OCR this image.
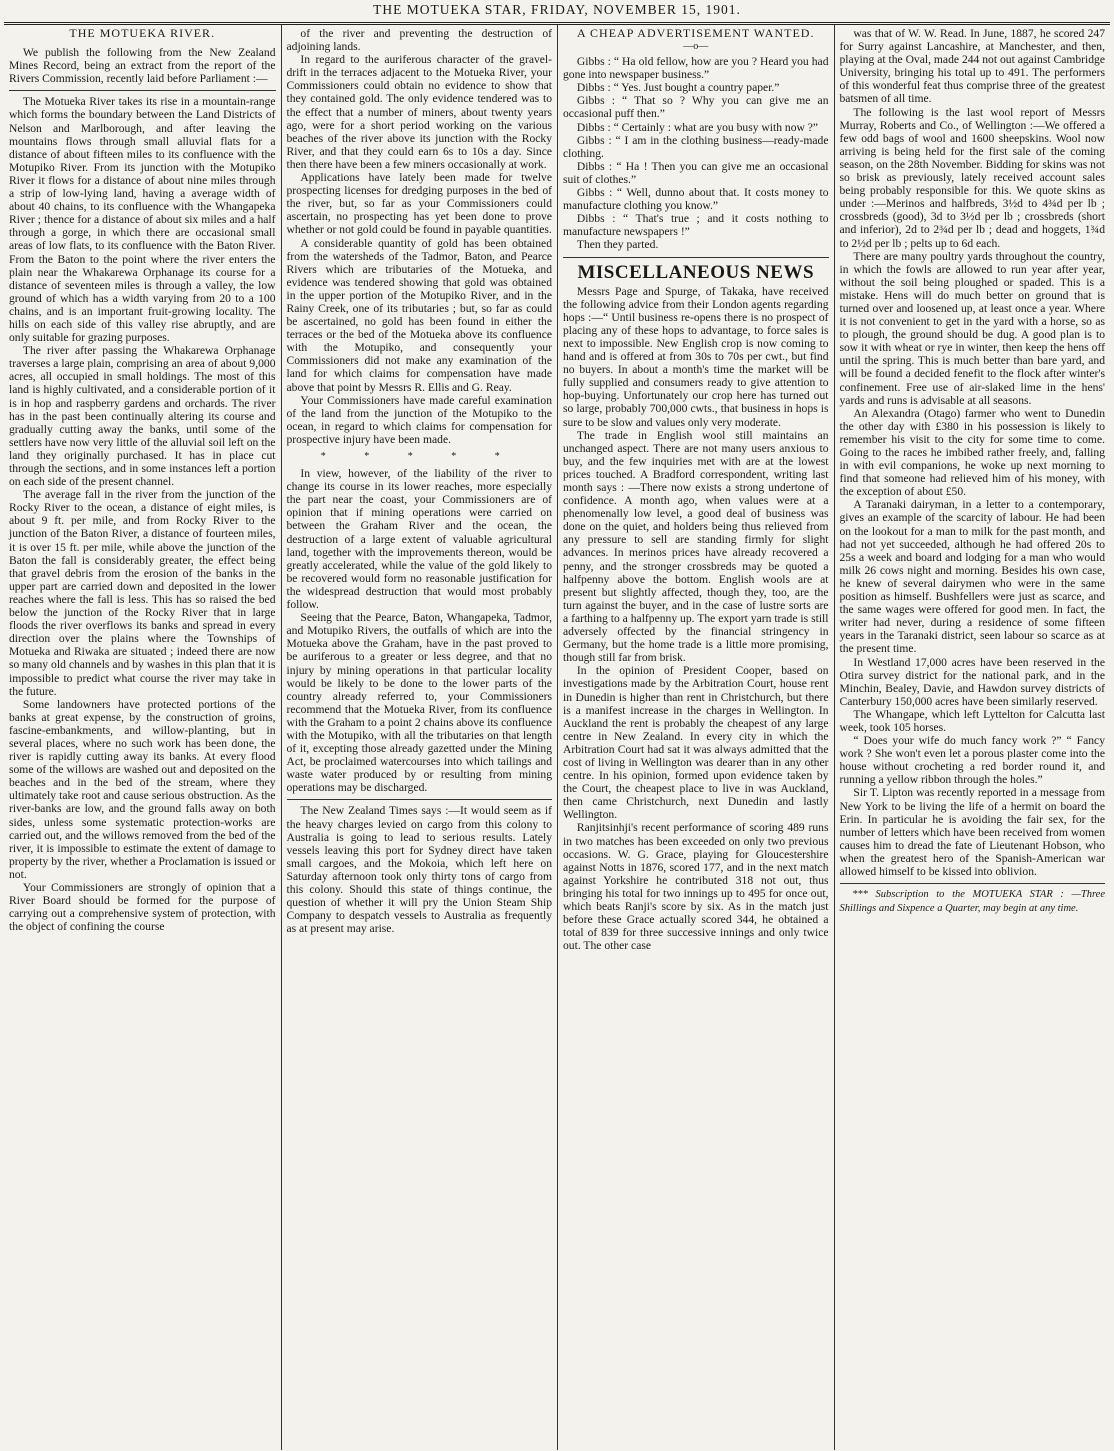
THE MOTUEKA STAR, FRIDAY, NOVEMBER 15, 1901.
THE MOTUEKA RIVER.

We publish the following from the New Zealand Mines Record, being an extract from the report of the Rivers Commission, recently laid before Parliament :—

The Motueka River takes its rise in a mountain-range which forms the boundary between the Land Districts of Nelson and Marlborough, and after leaving the mountains flows through small alluvial flats for a distance of about fifteen miles to its confluence with the Motupiko River. From its junction with the Motupiko River it flows for a distance of about nine miles through a strip of low-lying land, having a average width of about 40 chains, to its confluence with the Whangapeka River ; thence for a distance of about six miles and a half through a gorge, in which there are occasional small areas of low flats, to its confluence with the Baton River. From the Baton to the point where the river enters the plain near the Whakarewa Orphanage its course for a distance of seventeen miles is through a valley, the low ground of which has a width varying from 20 to a 100 chains, and is an important fruit-growing locality. The hills on each side of this valley rise abruptly, and are only suitable for grazing purposes.

The river after passing the Whakarewa Orphanage traverses a large plain, comprising an area of about 9,000 acres, all occupied in small holdings. The most of this land is highly cultivated, and a considerable portion of it is in hop and raspberry gardens and orchards. The river has in the past been continually altering its course and gradually cutting away the banks, until some of the settlers have now very little of the alluvial soil left on the land they originally purchased. It has in place cut through the sections, and in some instances left a portion on each side of the present channel.

The average fall in the river from the junction of the Rocky River to the ocean, a distance of eight miles, is about 9 ft. per mile, and from Rocky River to the junction of the Baton River, a distance of fourteen miles, it is over 15 ft. per mile, while above the junction of the Baton the fall is considerably greater, the effect being that gravel debris from the erosion of the banks in the upper part are carried down and deposited in the lower reaches where the fall is less. This has so raised the bed below the junction of the Rocky River that in large floods the river overflows its banks and spread in every direction over the plains where the Townships of Motueka and Riwaka are situated ; indeed there are now so many old channels and by washes in this plan that it is impossible to predict what course the river may take in the future.

Some landowners have protected portions of the banks at great expense, by the construction of groins, fascine-embankments, and willow-planting, but in several places, where no such work has been done, the river is rapidly cutting away its banks. At every flood some of the willows are washed out and deposited on the beaches and in the bed of the stream, where they ultimately take root and cause serious obstruction. As the river-banks are low, and the ground falls away on both sides, unless some systematic protection-works are carried out, and the willows removed from the bed of the river, it is impossible to estimate the extent of damage to property by the river, whether a Proclamation is issued or not.

Your Commissioners are strongly of opinion that a River Board should be formed for the purpose of carrying out a comprehensive system of protection, with the object of confining the course

of the river and preventing the destruction of adjoining lands.

In regard to the auriferous character of the gravel-drift in the terraces adjacent to the Motueka River, your Commissioners could obtain no evidence to show that they contained gold. The only evidence tendered was to the effect that a number of miners, about twenty years ago, were for a short period working on the various beaches of the river above its junction with the Rocky River, and that they could earn 6s to 10s a day. Since then there have been a few miners occasionally at work.

Applications have lately been made for twelve prospecting licenses for dredging purposes in the bed of the river, but, so far as your Commissioners could ascertain, no prospecting has yet been done to prove whether or not gold could be found in payable quantities.

A considerable quantity of gold has been obtained from the watersheds of the Tadmor, Baton, and Pearce Rivers which are tributaries of the Motueka, and evidence was tendered showing that gold was obtained in the upper portion of the Motupiko River, and in the Rainy Creek, one of its tributaries ; but, so far as could be ascertained, no gold has been found in either the terraces or the bed of the Motueka above its confluence with the Motupiko, and consequently your Commissioners did not make any examination of the land for which claims for compensation have made above that point by Messrs R. Ellis and G. Reay.

Your Commissioners have made careful examination of the land from the junction of the Motupiko to the ocean, in regard to which claims for compensation for prospective injury have been made.

* * * * *

In view, however, of the liability of the river to change its course in its lower reaches, more especially the part near the coast, your Commissioners are of opinion that if mining operations were carried on between the Graham River and the ocean, the destruction of a large extent of valuable agricultural land, together with the improvements thereon, would be greatly accelerated, while the value of the gold likely to be recovered would form no reasonable justification for the widespread destruction that would most probably follow.

Seeing that the Pearce, Baton, Whangapeka, Tadmor, and Motupiko Rivers, the outfalls of which are into the Motueka above the Graham, have in the past proved to be auriferous to a greater or less degree, and that no injury by mining operations in that particular locality would be likely to be done to the lower parts of the country already referred to, your Commissioners recommend that the Motueka River, from its confluence with the Graham to a point 2 chains above its confluence with the Motupiko, with all the tributaries on that length of it, excepting those already gazetted under the Mining Act, be proclaimed watercourses into which tailings and waste water produced by or resulting from mining operations may be discharged.

The New Zealand Times says :—It would seem as if the heavy charges levied on cargo from this colony to Australia is going to lead to serious results. Lately vessels leaving this port for Sydney direct have taken small cargoes, and the Mokoia, which left here on Saturday afternoon took only thirty tons of cargo from this colony. Should this state of things continue, the question of whether it will pry the Union Steam Ship Company to despatch vessels to Australia as frequently as at present may arise.

A CHEAP ADVERTISEMENT WANTED.
—o—

Gibbs : “ Ha old fellow, how are you ? Heard you had gone into newspaper business.”

Dibbs : “ Yes. Just bought a country paper.”

Gibbs : “ That so ? Why you can give me an occasional puff then.”

Dibbs : “ Certainly : what are you busy with now ?”

Gibbs : “ I am in the clothing business—ready-made clothing.

Dibbs : “ Ha ! Then you can give me an occasional suit of clothes.”

Gibbs : “ Well, dunno about that. It costs money to manufacture clothing you know.”

Dibbs : “ That's true ; and it costs nothing to manufacture newspapers !”

Then they parted.

MISCELLANEOUS NEWS

Messrs Page and Spurge, of Takaka, have received the following advice from their London agents regarding hops :—“ Until business re-opens there is no prospect of placing any of these hops to advantage, to force sales is next to impossible. New English crop is now coming to hand and is offered at from 30s to 70s per cwt., but find no buyers. In about a month's time the market will be fully supplied and consumers ready to give attention to hop-buying. Unfortunately our crop here has turned out so large, probably 700,000 cwts., that business in hops is sure to be slow and values only very moderate.

The trade in English wool still maintains an unchanged aspect. There are not many users anxious to buy, and the few inquiries met with are at the lowest prices touched. A Bradford correspondent, writing last month says : —There now exists a strong undertone of confidence. A month ago, when values were at a phenomenally low level, a good deal of business was done on the quiet, and holders being thus relieved from any pressure to sell are standing firmly for slight advances. In merinos prices have already recovered a penny, and the stronger crossbreds may be quoted a halfpenny above the bottom. English wools are at present but slightly affected, though they, too, are the turn against the buyer, and in the case of lustre sorts are a farthing to a halfpenny up. The export yarn trade is still adversely offected by the financial stringency in Germany, but the home trade is a little more promising, though still far from brisk.

In the opinion of President Cooper, based on investigations made by the Arbitration Court, house rent in Dunedin is higher than rent in Christchurch, but there is a manifest increase in the charges in Wellington. In Auckland the rent is probably the cheapest of any large centre in New Zealand. In every city in which the Arbitration Court had sat it was always admitted that the cost of living in Wellington was dearer than in any other centre. In his opinion, formed upon evidence taken by the Court, the cheapest place to live in was Auckland, then came Christchurch, next Dunedin and lastly Wellington.

Ranjitsinhji's recent performance of scoring 489 runs in two matches has been exceeded on only two previous occasions. W. G. Grace, playing for Gloucestershire against Notts in 1876, scored 177, and in the next match against Yorkshire he contributed 318 not out, thus bringing his total for two innings up to 495 for once out, which beats Ranji's score by six. As in the match just before these Grace actually scored 344, he obtained a total of 839 for three successive innings and only twice out. The other case

was that of W. W. Read. In June, 1887, he scored 247 for Surry against Lancashire, at Manchester, and then, playing at the Oval, made 244 not out against Cambridge University, bringing his total up to 491. The performers of this wonderful feat thus comprise three of the greatest batsmen of all time.

The following is the last wool report of Messrs Murray, Roberts and Co., of Wellington :—We offered a few odd bags of wool and 1600 sheepskins. Wool now arriving is being held for the first sale of the coming season, on the 28th November. Bidding for skins was not so brisk as previously, lately received account sales being probably responsible for this. We quote skins as under :—Merinos and halfbreds, 3½d to 4¾d per lb ; crossbreds (good), 3d to 3½d per lb ; crossbreds (short and inferior), 2d to 2¾d per lb ; dead and hoggets, 1¾d to 2½d per lb ; pelts up to 6d each.

There are many poultry yards throughout the country, in which the fowls are allowed to run year after year, without the soil being ploughed or spaded. This is a mistake. Hens will do much better on ground that is turned over and loosened up, at least once a year. Where it is not convenient to get in the yard with a horse, so as to plough, the ground should be dug. A good plan is to sow it with wheat or rye in winter, then keep the hens off until the spring. This is much better than bare yard, and will be found a decided fenefit to the flock after winter's confinement. Free use of air-slaked lime in the hens' yards and runs is advisable at all seasons.

An Alexandra (Otago) farmer who went to Dunedin the other day with £380 in his possession is likely to remember his visit to the city for some time to come. Going to the races he imbibed rather freely, and, falling in with evil companions, he woke up next morning to find that someone had relieved him of his money, with the exception of about £50.

A Taranaki dairyman, in a letter to a contemporary, gives an example of the scarcity of labour. He had been on the lookout for a man to milk for the past month, and had not yet succeeded, although he had offered 20s to 25s a week and board and lodging for a man who would milk 26 cows night and morning. Besides his own case, he knew of several dairymen who were in the same position as himself. Bushfellers were just as scarce, and the same wages were offered for good men. In fact, the writer had never, during a residence of some fifteen years in the Taranaki district, seen labour so scarce as at the present time.

In Westland 17,000 acres have been reserved in the Otira survey district for the national park, and in the Minchin, Bealey, Davie, and Hawdon survey districts of Canterbury 150,000 acres have been similarly reserved.

The Whangape, which left Lyttelton for Calcutta last week, took 105 horses.

“ Does your wife do much fancy work ?” “ Fancy work ? She won't even let a porous plaster come into the house without crocheting a red border round it, and running a yellow ribbon through the holes.”

Sir T. Lipton was recently reported in a message from New York to be living the life of a hermit on board the Erin. In particular he is avoiding the fair sex, for the number of letters which have been received from women causes him to dread the fate of Lieutenant Hobson, who when the greatest hero of the Spanish-American war allowed himself to be kissed into oblivion.

*** Subscription to the MOTUEKA STAR : —Three Shillings and Sixpence a Quarter, may begin at any time.
